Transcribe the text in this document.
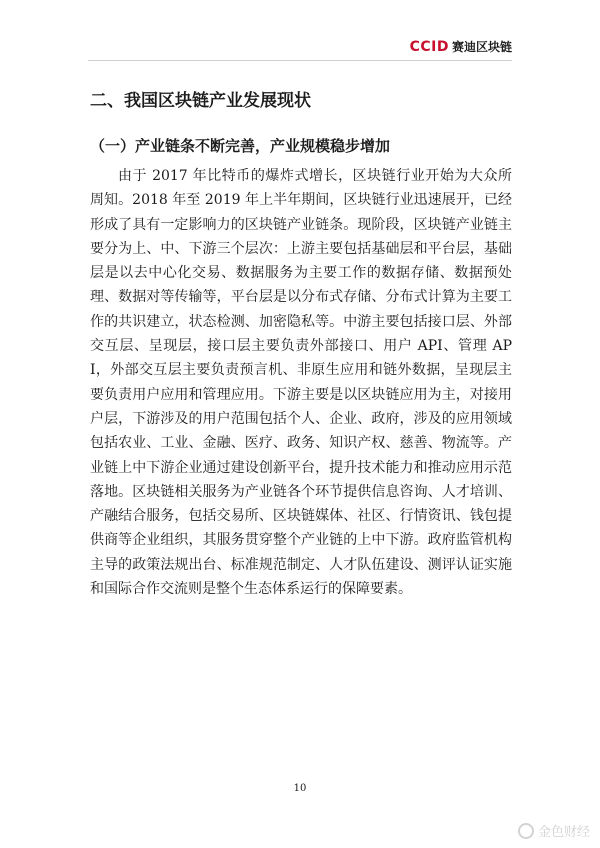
CCID 赛迪区块链
二、我国区块链产业发展现状
（一）产业链条不断完善，产业规模稳步增加

由于 2017 年比特币的爆炸式增长，区块链行业开始为大众所周知。2018 年至 2019 年上半年期间，区块链行业迅速展开，已经形成了具有一定影响力的区块链产业链条。现阶段，区块链产业链主要分为上、中、下游三个层次：上游主要包括基础层和平台层，基础层是以去中心化交易、数据服务为主要工作的数据存储、数据预处理、数据对等传输等，平台层是以分布式存储、分布式计算为主要工作的共识建立，状态检测、加密隐私等。中游主要包括接口层、外部交互层、呈现层，接口层主要负责外部接口、用户 API、管理 API，外部交互层主要负责预言机、非原生应用和链外数据，呈现层主要负责用户应用和管理应用。下游主要是以区块链应用为主，对接用户层，下游涉及的用户范围包括个人、企业、政府，涉及的应用领域包括农业、工业、金融、医疗、政务、知识产权、慈善、物流等。产业链上中下游企业通过建设创新平台，提升技术能力和推动应用示范落地。区块链相关服务为产业链各个环节提供信息咨询、人才培训、产融结合服务，包括交易所、区块链媒体、社区、行情资讯、钱包提供商等企业组织，其服务贯穿整个产业链的上中下游。政府监管机构主导的政策法规出台、标准规范制定、人才队伍建设、测评认证实施和国际合作交流则是整个生态体系运行的保障要素。

10
金色财经
